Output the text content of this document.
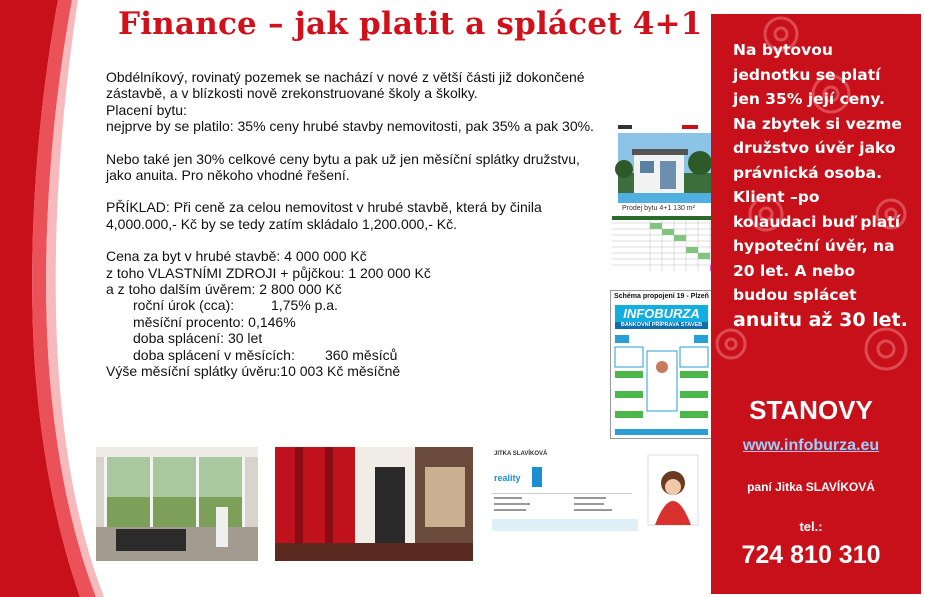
Finance – jak platit a splácet 4+1

Obdélníkový, rovinatý pozemek se nachází v nové z větší části již dokončené zástavbě, a v blízkosti nově zrekonstruované školy a školky.

Placení bytu:

nejprve by se platilo: 35% ceny hrubé stavby nemovitosti, pak 35% a pak 30%.

Nebo také jen 30% celkové ceny bytu a pak už jen měsíční splátky družstvu, jako anuita. Pro někoho vhodné řešení.

PŘÍKLAD: Při ceně za celou nemovitost v hrubé stavbě, která by činila 4,000.000,- Kč by se tedy zatím skládalo 1,200.000,- Kč.

Cena za byt v hrubé stavbě: 4 000 000 Kč

z toho VLASTNÍMI ZDROJI + půjčkou: 1 200 000 Kč

a z toho dalším úvěrem: 2 800 000 Kč

roční úrok (cca):	1,75% p.a.

měsíční procento: 0,146%

doba splácení: 30 let

doba splácení v měsících: 360 měsíců

Výše měsíční splátky úvěru:10 003 Kč měsíčně

Prodej bytu 4+1 130 m²
Schéma propojení 19 - Plzeň
INFOBURZA
BANKOVNÍ PŘÍPRAVA STAVEB
JITKA SLAVÍKOVÁ
reality
Na bytovou jednotku se platí jen 35% její ceny. Na zbytek si vezme družstvo úvěr jako právnická osoba. Klient –po kolaudaci buď platí hypoteční úvěr, na 20 let. A nebo budou splácet anuitu až 30 let.
STANOVY
www.infoburza.eu
paní Jitka SLAVÍKOVÁ
tel.:
724 810 310
